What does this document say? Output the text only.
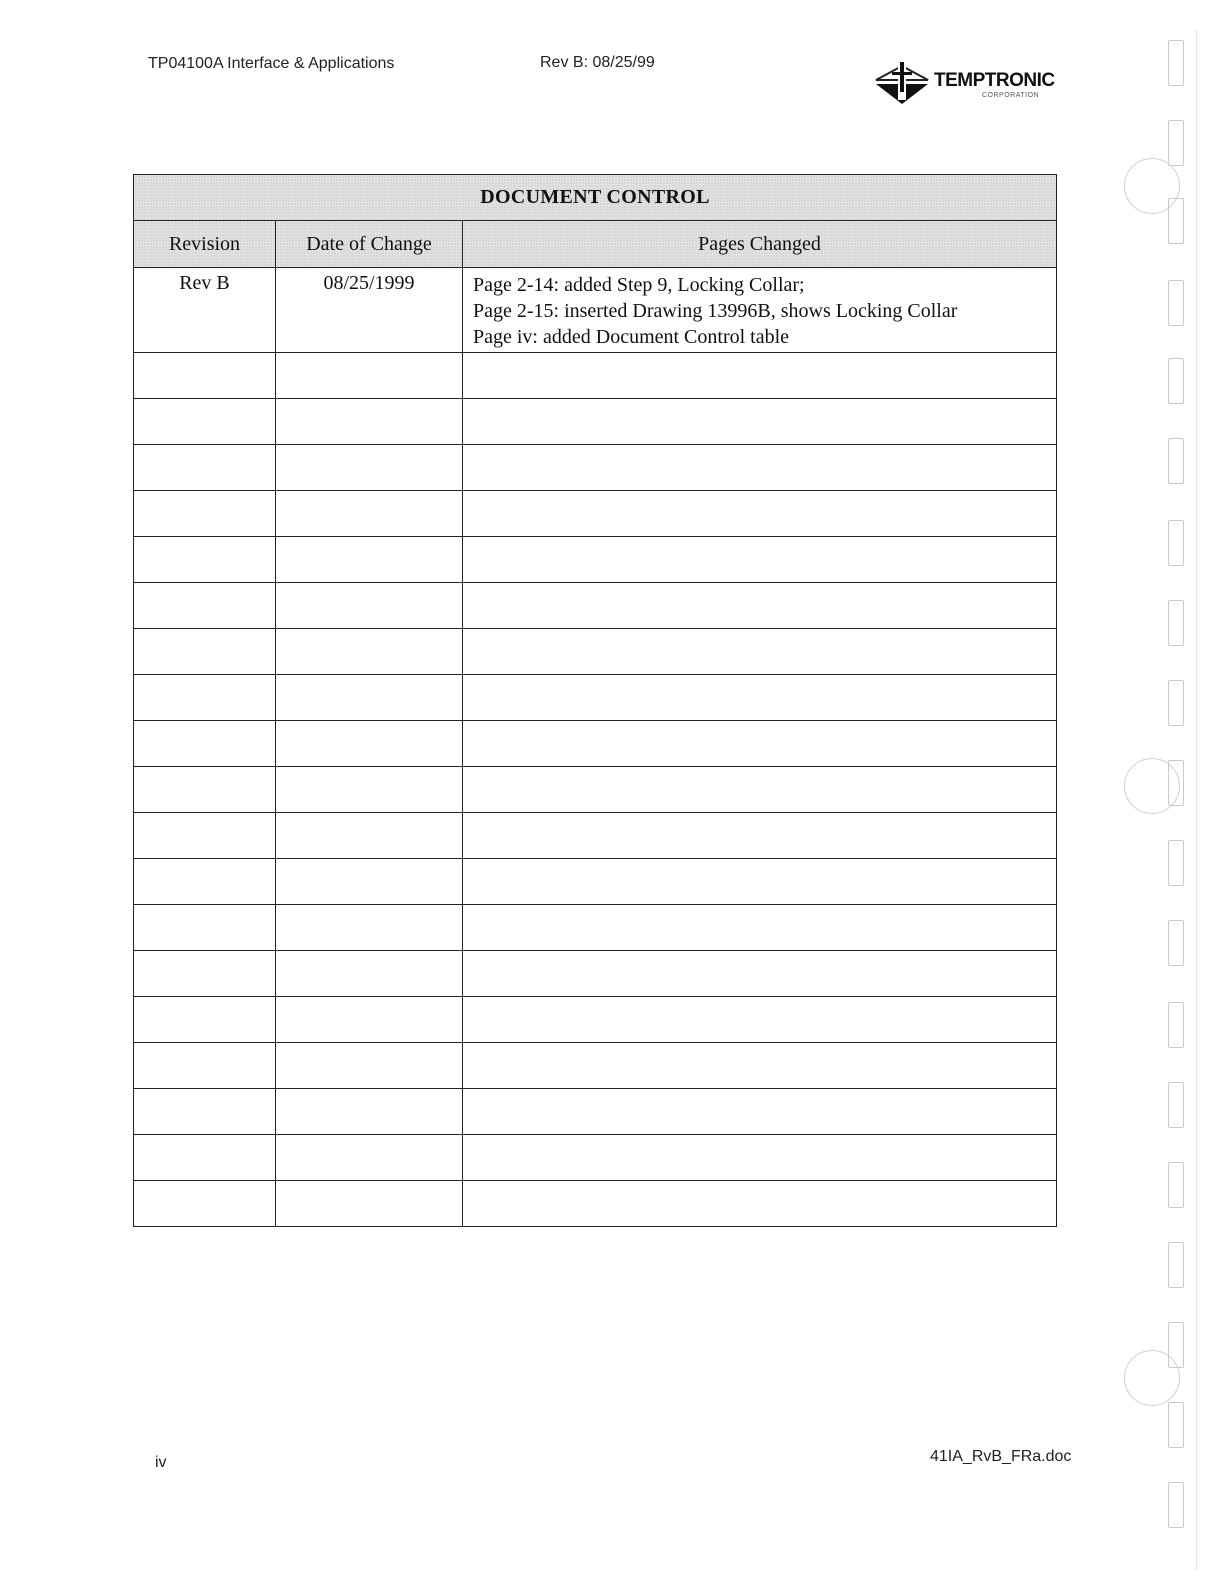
TP04100A Interface & Applications	Rev B: 08/25/99
TEMPTRONIC
CORPORATION
DOCUMENT CONTROL		
Revision	Date of Change	Pages Changed
Rev B	08/25/1999	Page 2-14: added Step 9, Locking Collar;
Page 2-15: inserted Drawing 13996B, shows Locking Collar
Page iv: added Document Control table

iv	41IA_RvB_FRa.doc
